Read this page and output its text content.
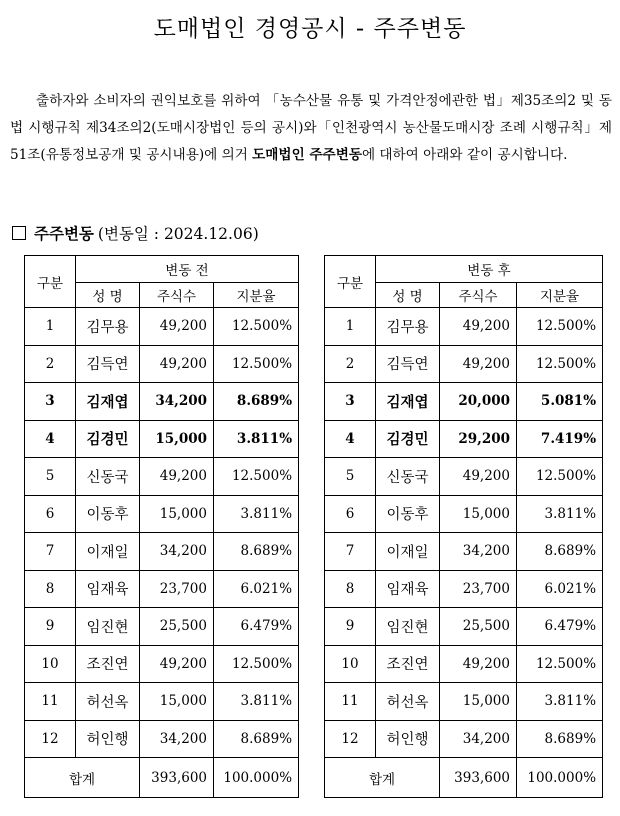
도매법인 경영공시 - 주주변동

출하자와 소비자의 권익보호를 위하여 「농수산물 유통 및 가격안정에관한 법」제35조의2 및 동법 시행규칙 제34조의2(도매시장법인 등의 공시)와「인천광역시 농산물도매시장 조례 시행규칙」제51조(유통정보공개 및 공시내용)에 의거 도매법인 주주변동에 대하여 아래와 같이 공시합니다.

주주변동 (변동일 : 2024.12.06)
구분	변동 전		
	성 명	주식수	지분율
1	김무용	49,200	12.500%
2	김득연	49,200	12.500%
3	김재엽	34,200	8.689%
4	김경민	15,000	3.811%
5	신동국	49,200	12.500%
6	이동후	15,000	3.811%
7	이재일	34,200	8.689%
8	임재육	23,700	6.021%
9	임진현	25,500	6.479%
10	조진연	49,200	12.500%
11	허선옥	15,000	3.811%
12	허인행	34,200	8.689%
합계		393,600	100.000%
구분	변동 후		
	성 명	주식수	지분율
1	김무용	49,200	12.500%
2	김득연	49,200	12.500%
3	김재엽	20,000	5.081%
4	김경민	29,200	7.419%
5	신동국	49,200	12.500%
6	이동후	15,000	3.811%
7	이재일	34,200	8.689%
8	임재육	23,700	6.021%
9	임진현	25,500	6.479%
10	조진연	49,200	12.500%
11	허선옥	15,000	3.811%
12	허인행	34,200	8.689%
합계		393,600	100.000%
